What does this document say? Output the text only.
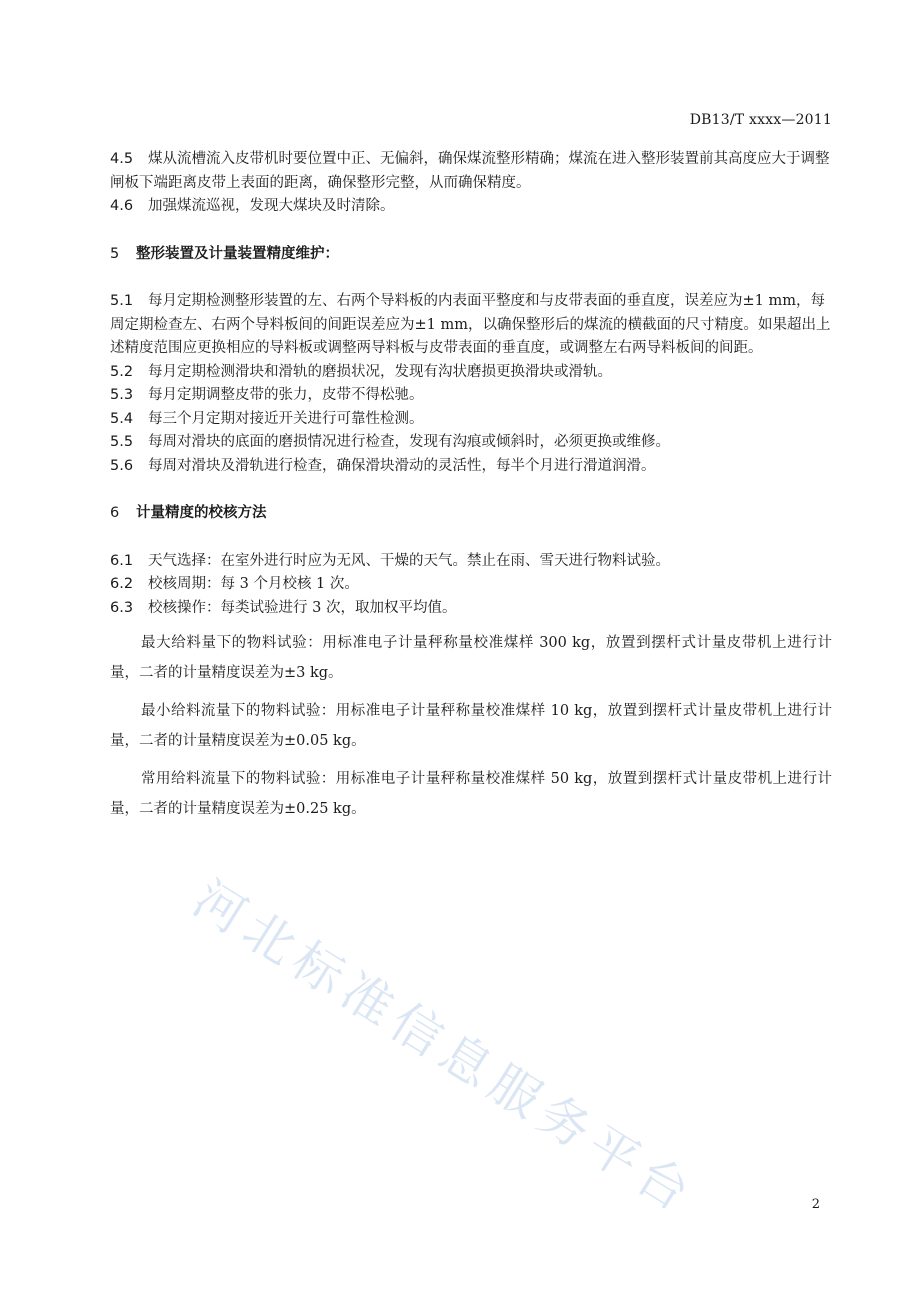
DB13/T xxxx—2011
河北标准信息服务平台

4.5 煤从流槽流入皮带机时要位置中正、无偏斜，确保煤流整形精确；煤流在进入整形装置前其高度应大于调整闸板下端距离皮带上表面的距离，确保整形完整，从而确保精度。

4.6 加强煤流巡视，发现大煤块及时清除。

5 整形装置及计量装置精度维护：

5.1 每月定期检测整形装置的左、右两个导料板的内表面平整度和与皮带表面的垂直度，误差应为±1 mm，每周定期检查左、右两个导料板间的间距误差应为±1 mm，以确保整形后的煤流的横截面的尺寸精度。如果超出上述精度范围应更换相应的导料板或调整两导料板与皮带表面的垂直度，或调整左右两导料板间的间距。

5.2 每月定期检测滑块和滑轨的磨损状况，发现有沟状磨损更换滑块或滑轨。

5.3 每月定期调整皮带的张力，皮带不得松驰。

5.4 每三个月定期对接近开关进行可靠性检测。

5.5 每周对滑块的底面的磨损情况进行检查，发现有沟痕或倾斜时，必须更换或维修。

5.6 每周对滑块及滑轨进行检查，确保滑块滑动的灵活性，每半个月进行滑道润滑。

6 计量精度的校核方法

6.1 天气选择：在室外进行时应为无风、干燥的天气。禁止在雨、雪天进行物料试验。

6.2 校核周期：每 3 个月校核 1 次。

6.3 校核操作：每类试验进行 3 次，取加权平均值。

最大给料量下的物料试验：用标准电子计量秤称量校准煤样 300 kg，放置到摆杆式计量皮带机上进行计量，二者的计量精度误差为±3 kg。

最小给料流量下的物料试验：用标准电子计量秤称量校准煤样 10 kg，放置到摆杆式计量皮带机上进行计量，二者的计量精度误差为±0.05 kg。

常用给料流量下的物料试验：用标准电子计量秤称量校准煤样 50 kg，放置到摆杆式计量皮带机上进行计量，二者的计量精度误差为±0.25 kg。

2
